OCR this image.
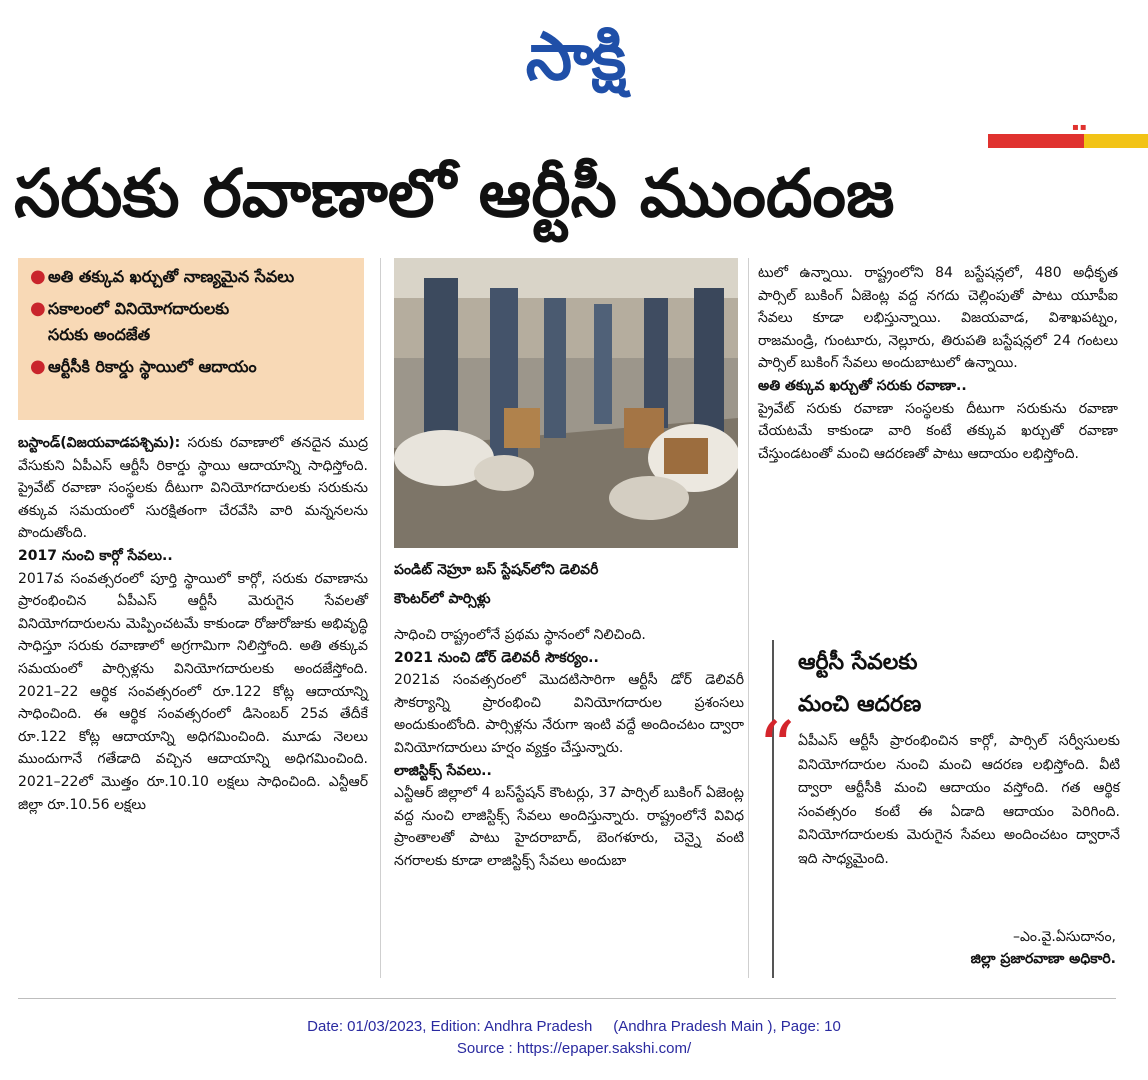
సాక్షి
▪▪
సరుకు రవాణాలో ఆర్టీసీ ముందంజ
● అతి తక్కువ ఖర్చుతో నాణ్యమైన సేవలు
● సకాలంలో వినియోగదారులకు
సరుకు అందజేత
● ఆర్టీసీకి రికార్డు స్థాయిలో ఆదాయం
పండిట్ నెహ్రూ బస్ స్టేషన్‌లోని డెలివరీ
కౌంటర్‌లో పార్సిళ్లు

బస్టాండ్(విజయవాడపశ్చిమ): సరుకు రవాణాలో తనదైన ముద్ర వేసుకుని ఏపీఎస్ ఆర్టీసీ రికార్డు స్థాయి ఆదాయాన్ని సాధిస్తోంది. ప్రైవేట్ రవాణా సంస్థలకు దీటుగా వినియోగదారులకు సరుకును తక్కువ సమయంలో సురక్షితంగా చేరవేసి వారి మన్ననలను పొందుతోంది.

2017 నుంచి కార్గో సేవలు..

2017వ సంవత్సరంలో పూర్తి స్థాయిలో కార్గో, సరుకు రవాణాను ప్రారంభించిన ఏపీఎస్ ఆర్టీసీ మెరుగైన సేవలతో వినియోగదారులను మెప్పించటమే కాకుండా రోజురోజుకు అభివృద్ధి సాధిస్తూ సరుకు రవాణాలో అగ్రగామిగా నిలిస్తోంది. అతి తక్కువ సమయంలో పార్సిళ్లను వినియోగదారులకు అందజేస్తోంది. 2021–22 ఆర్థిక సంవత్సరంలో రూ.122 కోట్ల ఆదాయాన్ని సాధించింది. ఈ ఆర్థిక సంవత్సరంలో డిసెంబర్ 25వ తేదీకే రూ.122 కోట్ల ఆదాయాన్ని అధిగమించింది. మూడు నెలలు ముందుగానే గతేడాది వచ్చిన ఆదాయాన్ని అధిగమించింది. 2021–22లో మొత్తం రూ.10.10 లక్షలు సాధించింది. ఎన్టీఆర్ జిల్లా రూ.10.56 లక్షలు

సాధించి రాష్ట్రంలోనే ప్రథమ స్థానంలో నిలిచింది.

2021 నుంచి డోర్ డెలివరీ సౌకర్యం..

2021వ సంవత్సరంలో మొదటిసారిగా ఆర్టీసీ డోర్ డెలివరీ సౌకర్యాన్ని ప్రారంభించి వినియోగదారుల ప్రశంసలు అందుకుంటోంది. పార్సిళ్లను నేరుగా ఇంటి వద్దే అందించటం ద్వారా వినియోగదారులు హర్షం వ్యక్తం చేస్తున్నారు.

లాజిస్టిక్స్ సేవలు..

ఎన్టీఆర్ జిల్లాలో 4 బస్‌స్టేషన్ కౌంటర్లు, 37 పార్సిల్ బుకింగ్ ఏజెంట్ల వద్ద నుంచి లాజిస్టిక్స్ సేవలు అందిస్తున్నారు. రాష్ట్రంలోనే వివిధ ప్రాంతాలతో పాటు హైదరాబాద్, బెంగళూరు, చెన్నై వంటి నగరాలకు కూడా లాజిస్టిక్స్ సేవలు అందుబా

టులో ఉన్నాయి. రాష్ట్రంలోని 84 బస్టేషన్లలో, 480 అధీకృత పార్సిల్ బుకింగ్ ఏజెంట్ల వద్ద నగదు చెల్లింపుతో పాటు యూపీఐ సేవలు కూడా లభిస్తున్నాయి. విజయవాడ, విశాఖపట్నం, రాజమండ్రి, గుంటూరు, నెల్లూరు, తిరుపతి బస్టేషన్లలో 24 గంటలు పార్సిల్ బుకింగ్ సేవలు అందుబాటులో ఉన్నాయి.

అతి తక్కువ ఖర్చుతో సరుకు రవాణా..

ప్రైవేట్ సరుకు రవాణా సంస్థలకు దీటుగా సరుకును రవాణా చేయటమే కాకుండా వారి కంటే తక్కువ ఖర్చుతో రవాణా చేస్తుండటంతో మంచి ఆదరణతో పాటు ఆదాయం లభిస్తోంది.

ఆర్టీసీ సేవలకు
మంచి ఆదరణ
“ ఏపీఎస్ ఆర్టీసీ ప్రారంభించిన కార్గో, పార్సిల్ సర్వీసులకు వినియోగదారుల నుంచి మంచి ఆదరణ లభిస్తోంది. వీటి ద్వారా ఆర్టీసీకి మంచి ఆదాయం వస్తోంది. గత ఆర్థిక సంవత్సరం కంటే ఈ ఏడాది ఆదాయం పెరిగింది. వినియోగదారులకు మెరుగైన సేవలు అందించటం ద్వారానే ఇది సాధ్యమైంది.
–ఎం.వై.ఏసుదానం,
జిల్లా ప్రజారవాణా అధికారి.
Date: 01/03/2023, Edition: Andhra Pradesh     (Andhra Pradesh Main ), Page: 10
Source : https://epaper.sakshi.com/
